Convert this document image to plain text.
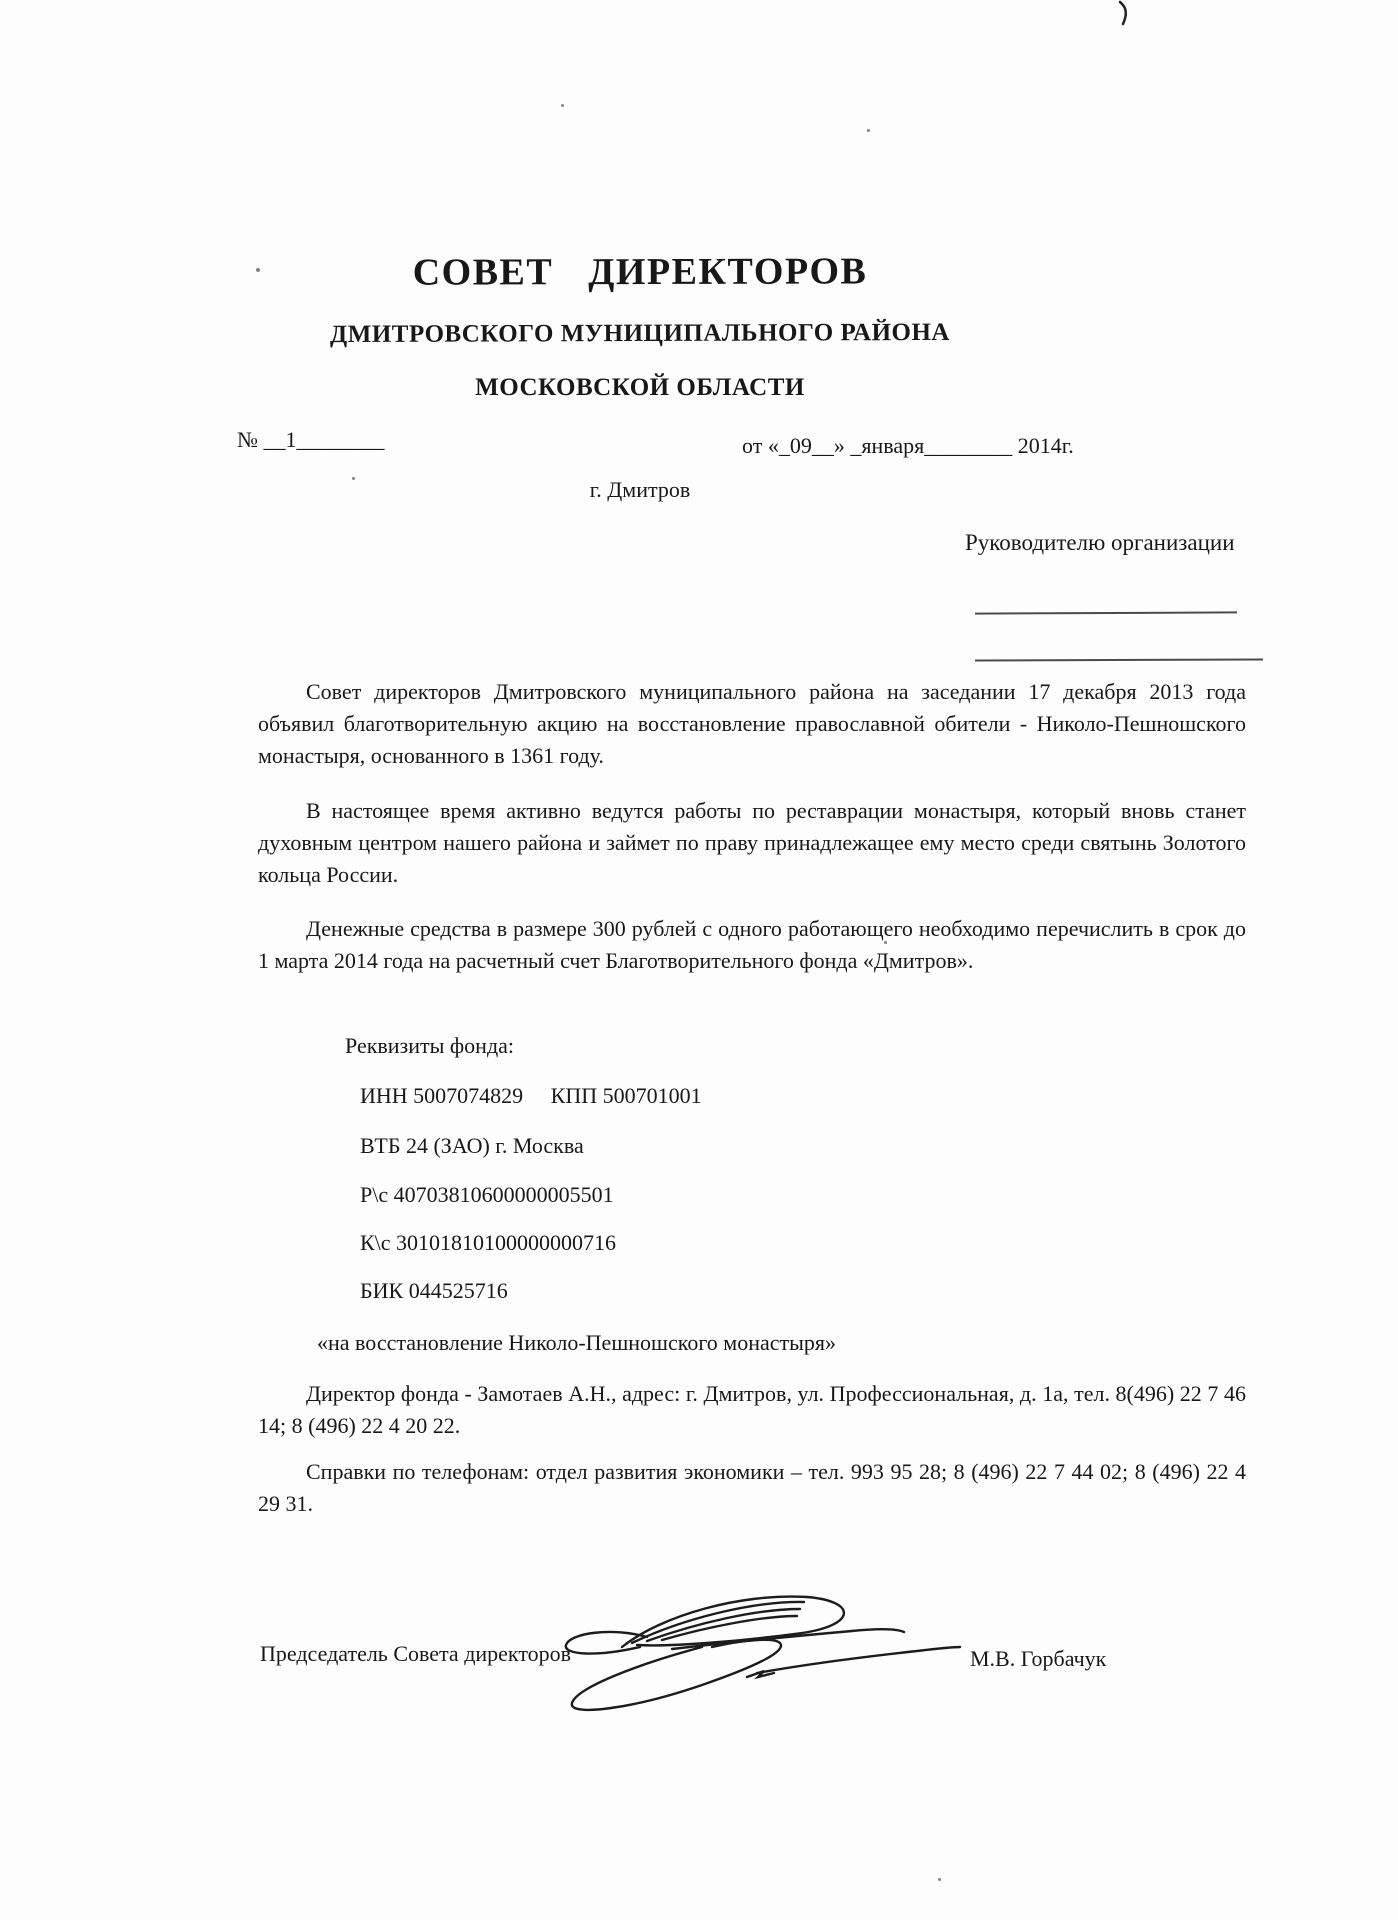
СОВЕТ ДИРЕКТОРОВ
ДМИТРОВСКОГО МУНИЦИПАЛЬНОГО РАЙОНА
МОСКОВСКОЙ ОБЛАСТИ
№ __1________	от «_09__» _января________ 2014г.
г. Дмитров
Руководителю организации
Совет директоров Дмитровского муниципального района на заседании 17 декабря 2013 года объявил благотворительную акцию на восстановление православной обители - Николо-Пешношского монастыря, основанного в 1361 году.
В настоящее время активно ведутся работы по реставрации монастыря, который вновь станет духовным центром нашего района и займет по праву принадлежащее ему место среди святынь Золотого кольца России.
Денежные средства в размере 300 рублей с одного работающего необходимо перечислить в срок до 1 марта 2014 года на расчетный счет Благотворительного фонда «Дмитров».
Реквизиты фонда:
ИНН 5007074829     КПП 500701001
ВТБ 24 (ЗАО) г. Москва
Р\с 40703810600000005501
К\с 30101810100000000716
БИК 044525716
«на восстановление Николо-Пешношского монастыря»
Директор фонда - Замотаев А.Н., адрес: г. Дмитров, ул. Профессиональная, д. 1а, тел. 8(496) 22 7 46 14; 8 (496) 22 4 20 22.
Справки по телефонам: отдел развития экономики – тел. 993 95 28; 8 (496) 22 7 44 02; 8 (496) 22 4 29 31.
Председатель Совета директоров	М.В. Горбачук
